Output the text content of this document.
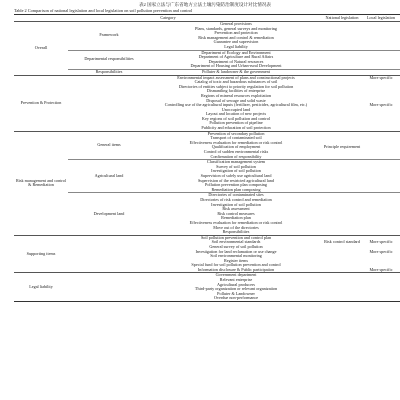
表2 国家立法与广东省地方立法土壤污染防治制度设计对比情况表
Table 2 Comparison of national legislation and local legislation on soil pollution prevention and control
Category			National legislation	Local legislation
Overall	Framework	General provisions		
		Plans, standards, general surveys and monitoring		
		Prevention and protection		
		Risk management and control & remediation		
		Guarantee and supervision		
		Legal liability		
	Departmental responsibilities	Department of Ecology and Environment		
		Department of Agriculture and Rural Affairs		
		Department of Natural resources		
		Department of Housing and Urban-rural Development		
	Responsibilities	Polluter & landowner & the government		
Prevention & Protection		Environmental impact assessment of plans and constructional projects		More specific
		Catalog of toxic and hazardous substances of soil		
		Directories of entities subject to priority regulation for soil pollution		
		Dismantling facilities of enterprise		
		Regions of mineral resources exploitation		
		Disposal of sewage and solid waste		
		Controlling use of the agricultural inputs (fertilizer, pesticides, agricultural film, etc.)		More specific
		Unoccupied land		
		Layout and location of new projects		
		Key regions of soil pollution and control		
		Pollution prevention of pipeline		
		Publicity and education of soil protection		
Risk management and control & Remediation	General items	Prevention of secondary pollution		
		Transport of contaminated soil		
		Effectiveness evaluation for remediation or risk control		
		Qualification of employment	Principle requirement	
		Control of sudden environmental risks		
		Confirmation of responsibility		
	Agricultural land	Classification management system		
		Survey of soil pollution		
		Investigation of soil pollution		
		Supervision of safely use agricultural land		
		Supervision of the restricted agricultural land		
		Pollution prevention plan composing		
		Remediation plan composing		
	Development land	Directories of contaminated sites		
		Directories of risk control and remediation		
		Investigation of soil pollution		
		Risk assessment		
		Risk control measures		
		Remediation plan		
		Effectiveness evaluation for remediation or risk control		
		Move out of the directories		
		Responsibilities		
Supporting items		Soil pollution prevention and control plan		
		Soil environmental standards	Risk control standard	More specific
		General survey of soil pollution		
		Investigation for land reclamation or use change		More specific
		Soil environmental monitoring		
		Register items		
		Special fund for soil pollution prevention and control		
		Information disclosure & Public participation		More specific
Legal liability		Government department		
		Relevant enterprise		
		Agricultural producers		
		Third-party organization or relevant organization		
		Polluter & Landowner		
		Overdue non-performance		
